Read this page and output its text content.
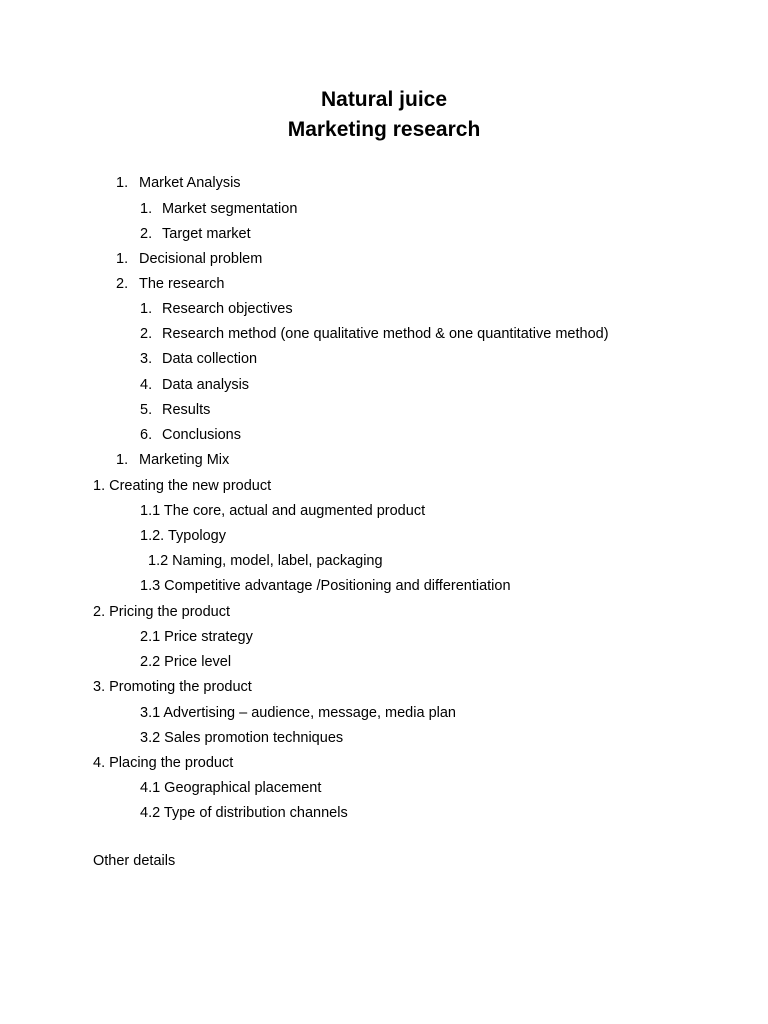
Natural juice
Marketing research
1. Market Analysis
1. Market segmentation
2. Target market
1. Decisional problem
2. The research
1. Research objectives
2. Research method (one qualitative method & one quantitative method)
3. Data collection
4. Data analysis
5. Results
6. Conclusions
1. Marketing Mix
1. Creating the new product
1.1 The core, actual and augmented product
1.2. Typology
1.2 Naming, model, label, packaging
1.3 Competitive advantage /Positioning and differentiation
2. Pricing the product
2.1 Price strategy
2.2 Price level
3. Promoting the product
3.1 Advertising – audience, message, media plan
3.2 Sales promotion techniques
4. Placing the product
4.1 Geographical placement
4.2 Type of distribution channels
Other details
